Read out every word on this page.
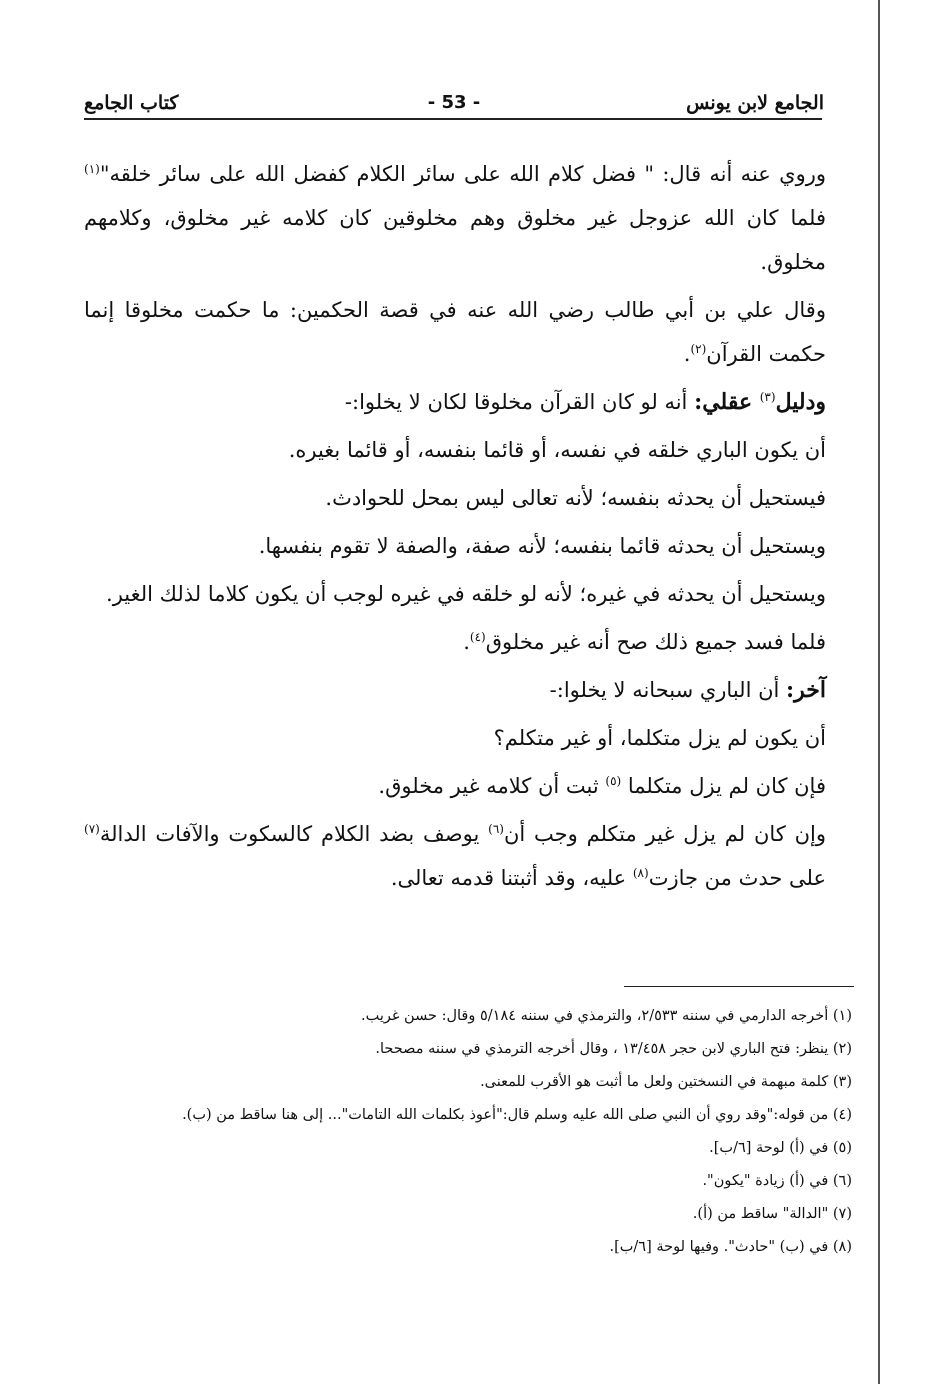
الجامع لابن يونس
- 53 -
كتاب الجامع

وروي عنه أنه قال: " فضل كلام الله على سائر الكلام كفضل الله على سائر خلقه"$^{(١)}$ فلما كان الله عزوجل غير مخلوق وهم مخلوقين كان كلامه غير مخلوق، وكلامهم مخلوق.

وقال علي بن أبي طالب رضي الله عنه في قصة الحكمين: ما حكمت مخلوقا إنما حكمت القرآن$^{(٢)}$.

ودليل$^{(٣)}$ عقلي: أنه لو كان القرآن مخلوقا لكان لا يخلوا:-

أن يكون الباري خلقه في نفسه، أو قائما بنفسه، أو قائما بغيره.

فيستحيل أن يحدثه بنفسه؛ لأنه تعالى ليس بمحل للحوادث.

ويستحيل أن يحدثه قائما بنفسه؛ لأنه صفة، والصفة لا تقوم بنفسها.

ويستحيل أن يحدثه في غيره؛ لأنه لو خلقه في غيره لوجب أن يكون كلاما لذلك الغير.

فلما فسد جميع ذلك صح أنه غير مخلوق$^{(٤)}$.

آخر: أن الباري سبحانه لا يخلوا:-

أن يكون لم يزل متكلما، أو غير متكلم؟

فإن كان لم يزل متكلما $^{(٥)}$ ثبت أن كلامه غير مخلوق.

وإن كان لم يزل غير متكلم وجب أن$^{(٦)}$ يوصف بضد الكلام كالسكوت والآفات الدالة$^{(٧)}$ على حدث من جازت$^{(٨)}$ عليه، وقد أثبتنا قدمه تعالى.

(١) أخرجه الدارمي في سننه ٢/٥٣٣، والترمذي في سننه ٥/١٨٤ وقال: حسن غريب.
(٢) ينظر: فتح الباري لابن حجر ١٣/٤٥٨ ، وقال أخرجه الترمذي في سننه مصححا.
(٣) كلمة مبهمة في النسختين ولعل ما أثبت هو الأقرب للمعنى.
(٤) من قوله:"وقد روي أن النبي صلى الله عليه وسلم قال:"أعوذ بكلمات الله التامات"... إلى هنا ساقط من (ب).
(٥) في (أ) لوحة [٦/ب].
(٦) في (أ) زيادة "يكون".
(٧) "الدالة" ساقط من (أ).
(٨) في (ب) "حادث". وفيها لوحة [٦/ب].
